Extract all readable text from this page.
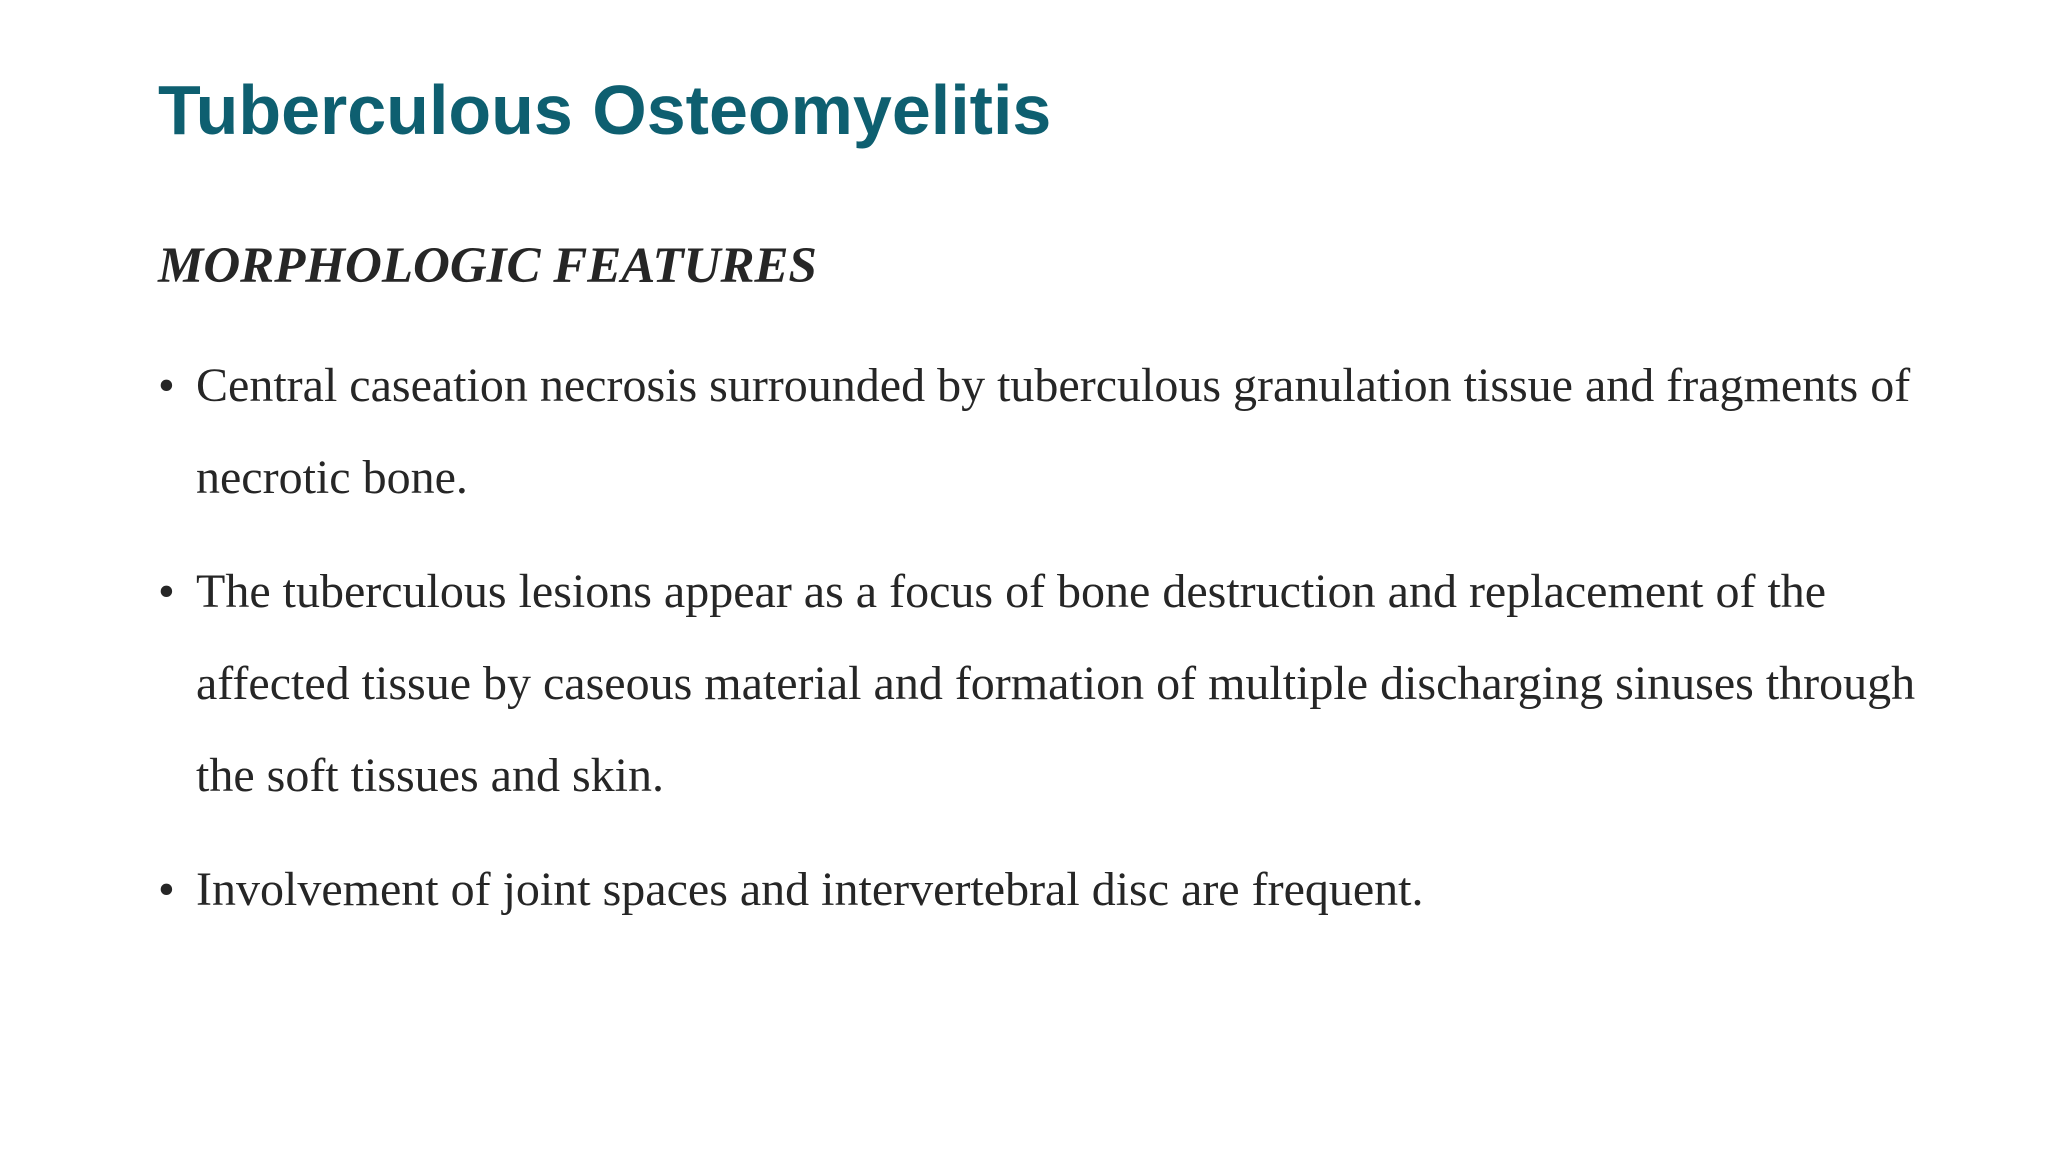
Tuberculous Osteomyelitis
MORPHOLOGIC FEATURES
• Central caseation necrosis surrounded by tuberculous granulation tissue and fragments of necrotic bone.
• The tuberculous lesions appear as a focus of bone destruction and replacement of the affected tissue by caseous material and formation of multiple discharging sinuses through the soft tissues and skin.
• Involvement of joint spaces and intervertebral disc are frequent.
